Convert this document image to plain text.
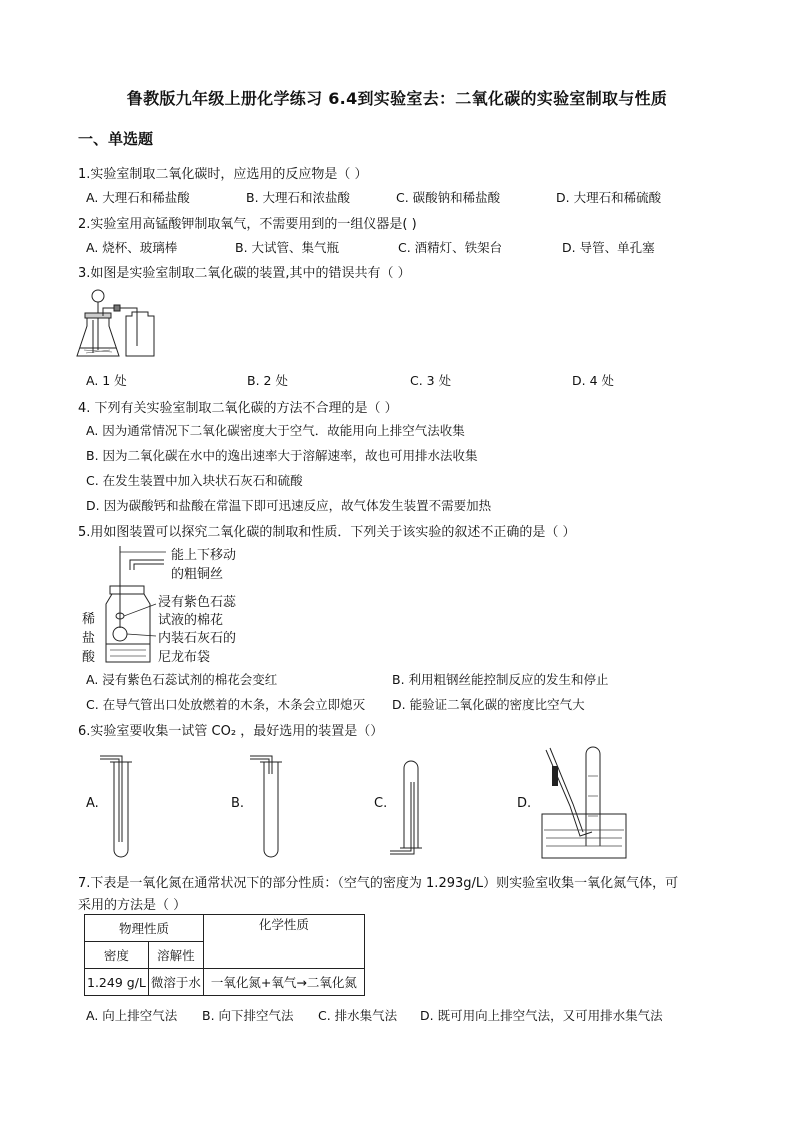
鲁教版九年级上册化学练习 6.4到实验室去：二氧化碳的实验室制取与性质
一、单选题
1.实验室制取二氧化碳时，应选用的反应物是（ ）
A. 大理石和稀盐酸	B. 大理石和浓盐酸	C. 碳酸钠和稀盐酸	D. 大理石和稀硫酸
2.实验室用高锰酸钾制取氧气，不需要用到的一组仪器是( )
A. 烧杯、玻璃棒	B. 大试管、集气瓶	C. 酒精灯、铁架台	D. 导管、单孔塞
3.如图是实验室制取二氧化碳的装置,其中的错误共有（ ）
A. 1 处	B. 2 处	C. 3 处	D. 4 处
4. 下列有关实验室制取二氧化碳的方法不合理的是（ ）
A. 因为通常情况下二氧化碳密度大于空气．故能用向上排空气法收集
B. 因为二氧化碳在水中的逸出速率大于溶解速率，故也可用排水法收集
C. 在发生装置中加入块状石灰石和硫酸
D. 因为碳酸钙和盐酸在常温下即可迅速反应，故气体发生装置不需要加热
5.用如图装置可以探究二氧化碳的制取和性质．下列关于该实验的叙述不正确的是（ ）
能上下移动
的粗铜丝
浸有紫色石蕊
试液的棉花
内装石灰石的
尼龙布袋
稀
盐
酸
A. 浸有紫色石蕊试剂的棉花会变红	B. 利用粗钢丝能控制反应的发生和停止
C. 在导气管出口处放燃着的木条，木条会立即熄灭 D. 能验证二氧化碳的密度比空气大
6.实验室要收集一试管 CO₂ ，最好选用的装置是（）
A.	B.	C.	D.
7.下表是一氧化氮在通常状况下的部分性质：（空气的密度为 1.293g/L）则实验室收集一氧化氮气体，可
采用的方法是（ ）
物理性质		化学性质
密度	溶解性	
1.249 g/L	微溶于水	一氧化氮+氧气→二氧化氮
A. 向上排空气法 B. 向下排空气法 C. 排水集气法 D. 既可用向上排空气法，又可用排水集气法
